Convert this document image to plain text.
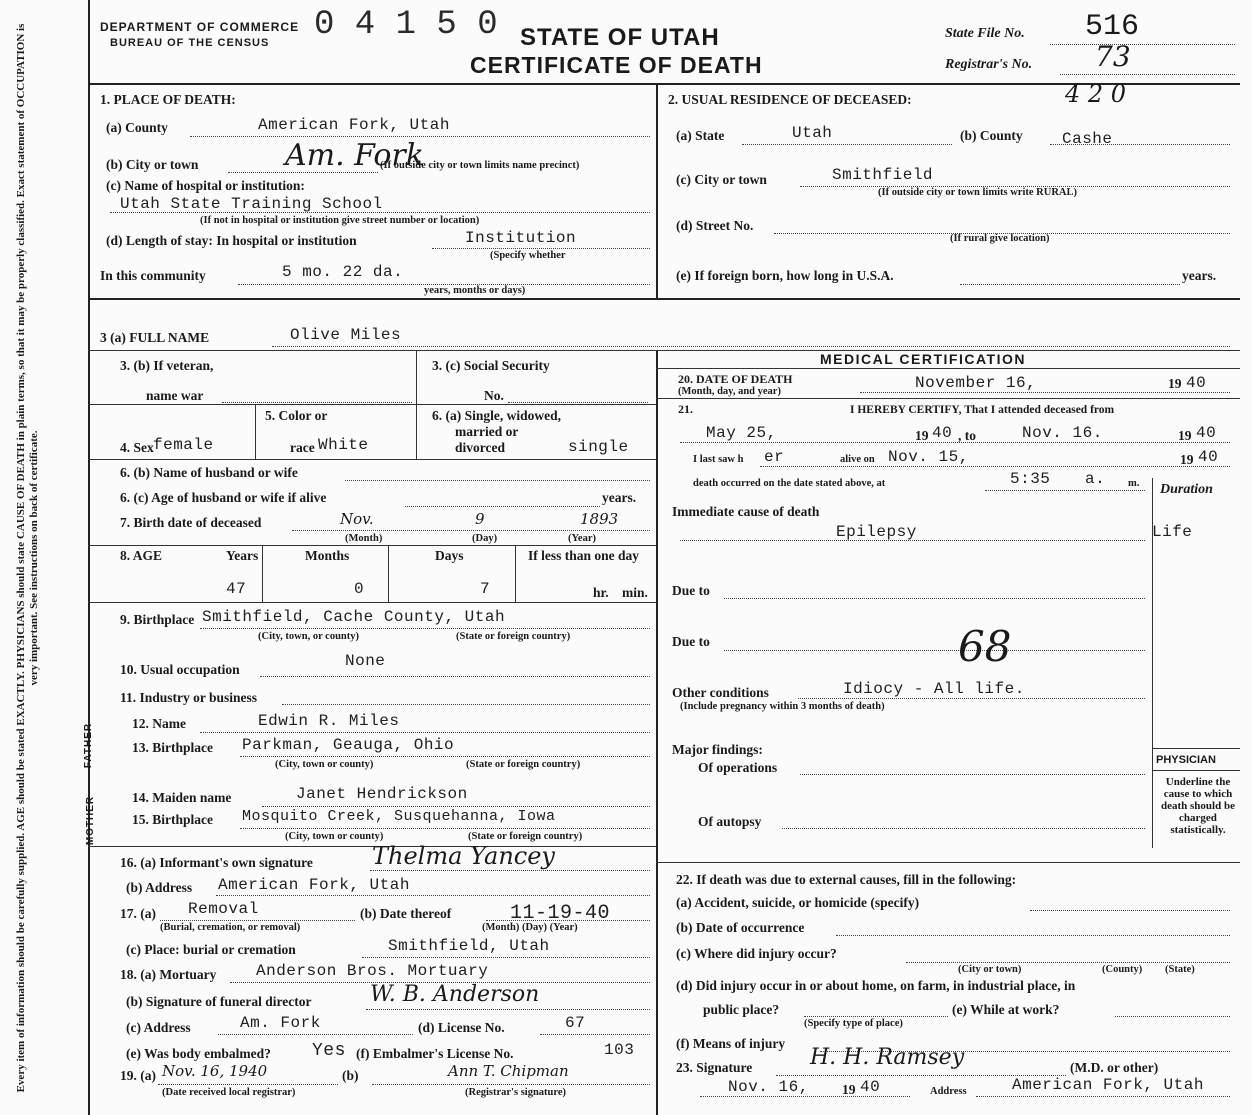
Every item of information should be carefully supplied. AGE should be stated EXACTLY. PHYSICIANS should state CAUSE OF DEATH in plain terms, so that it may be properly classified. Exact statement of OCCUPATION is very important. See instructions on back of certificate.
DEPARTMENT OF COMMERCE
BUREAU OF THE CENSUS 0 4 1 5 0 STATE OF UTAH
CERTIFICATE OF DEATH
State File No. 516
Registrar's No. 73
1. PLACE OF DEATH:
(a) County	American Fork, Utah
(b) City or town	Am. Fork
(If outside city or town limits name precinct)
(c) Name of hospital or institution:
Utah State Training School
(If not in hospital or institution give street number or location)
(d) Length of stay: In hospital or institution	Institution
(Specify whether
In this community	5 mo. 22 da.
years, months or days)
2. USUAL RESIDENCE OF DECEASED:	4 2 0
(a) State	Utah	(b) County Cashe
(c) City or town	Smithfield
(If outside city or town limits write RURAL)
(d) Street No.
(If rural give location)
(e) If foreign born, how long in U.S.A.	years.
3 (a) FULL NAME	Olive Miles
3. (b) If veteran,
name war
3. (c) Social Security
No.
4. Sex female
5. Color or
race White
6. (a) Single, widowed,
married or
divorced	single
6. (b) Name of husband or wife
6. (c) Age of husband or wife if alive	years.
7. Birth date of deceased	Nov.	9	1893
(Month)	(Day)	(Year)
8. AGE	Years	Months	Days	If less than one day
47	0	7	hr. min.
9. Birthplace Smithfield, Cache County, Utah
(City, town, or county)	(State or foreign country)
10. Usual occupation	None
11. Industry or business
FATHER
MOTHER
12. Name	Edwin R. Miles
13. Birthplace Parkman, Geauga, Ohio
(City, town or county)	(State or foreign country)
14. Maiden name	Janet Hendrickson
15. Birthplace Mosquito Creek, Susquehanna, Iowa
(City, town or county)	(State or foreign country)
16. (a) Informant's own signature Thelma Yancey
(b) Address American Fork, Utah
17. (a) Removal
(Burial, cremation, or removal)
(b) Date thereof	11-19-40
(Month) (Day) (Year)
(c) Place: burial or cremation	Smithfield, Utah
18. (a) Mortuary Anderson Bros. Mortuary
(b) Signature of funeral director	W. B. Anderson
(c) Address	Am. Fork	(d) License No.	67
(e) Was body embalmed? Yes (f) Embalmer's License No.	103
19. (a) Nov. 16, 1940	(b)	Ann T. Chipman
(Date received local registrar)	(Registrar's signature)
MEDICAL CERTIFICATION
20. DATE OF DEATH
(Month, day, and year)	November 16,	19 40
21.	I HEREBY CERTIFY, That I attended deceased from
May 25,	19 40 , to	Nov. 16.	19 40
I last saw h er	alive on Nov. 15,	19 40
death occurred on the date stated above, at	5:35 a. m. Duration
Immediate cause of death
Epilepsy	Life
Due to
Due to	68
Other conditions	Idiocy - All life.
(Include pregnancy within 3 months of death)
Major findings:
Of operations
Of autopsy
PHYSICIAN
Underline the cause to which death should be charged statistically.
22. If death was due to external causes, fill in the following:
(a) Accident, suicide, or homicide (specify)
(b) Date of occurrence
(c) Where did injury occur?
(City or town)	(County) (State)
(d) Did injury occur in or about home, on farm, in industrial place, in
public place?	(e) While at work?
(Specify type of place)
(f) Means of injury
23. Signature	H. H. Ramsey	(M.D. or other)
Nov. 16, 19 40	Address	American Fork, Utah
